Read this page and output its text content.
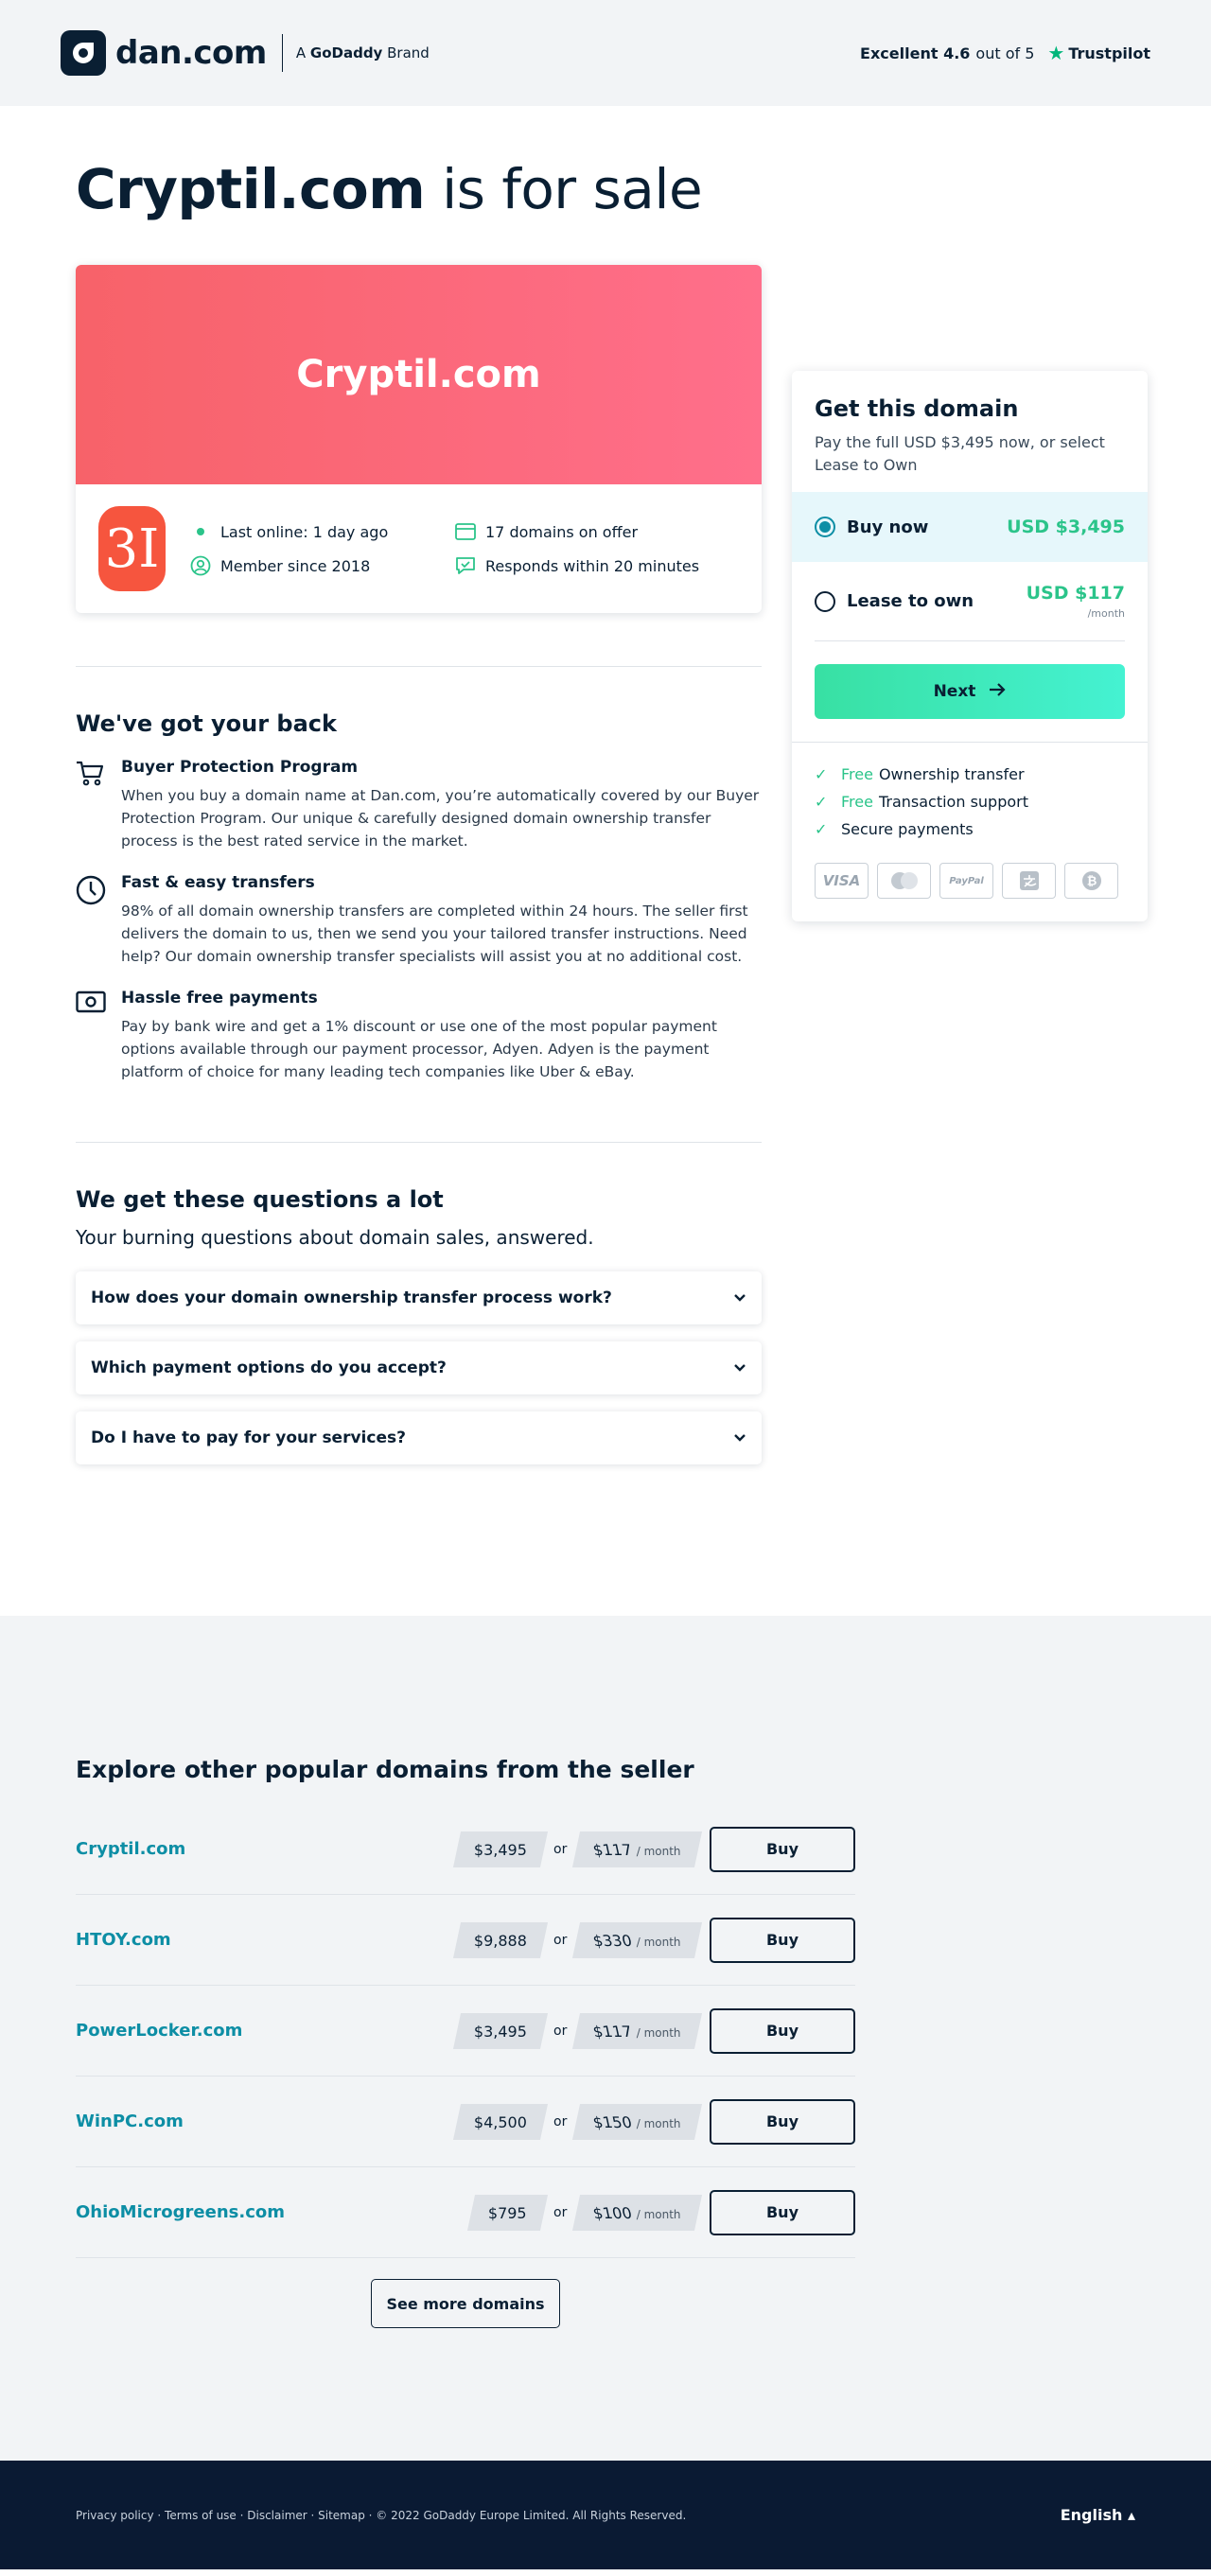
dan.com A GoDaddy Brand	Excellent 4.6 out of 5 ★ Trustpilot
Cryptil.com is for sale
Cryptil.com
3I	Last online: 1 day ago	17 domains on offer
Member since 2018	Responds within 20 minutes
We've got your back
Buyer Protection Program

When you buy a domain name at Dan.com, you’re automatically covered by our Buyer Protection Program. Our unique & carefully designed domain ownership transfer process is the best rated service in the market.

Fast & easy transfers

98% of all domain ownership transfers are completed within 24 hours. The seller first delivers the domain to us, then we send you your tailored transfer instructions. Need help? Our domain ownership transfer specialists will assist you at no additional cost.

Hassle free payments

Pay by bank wire and get a 1% discount or use one of the most popular payment options available through our payment processor, Adyen. Adyen is the payment platform of choice for many leading tech companies like Uber & eBay.

We get these questions a lot

Your burning questions about domain sales, answered.

How does your domain ownership transfer process work?
Which payment options do you accept?
Do I have to pay for your services?
Get this domain

Pay the full USD $3,495 now, or select Lease to Own

Buy now	USD $3,495
Lease to own	USD $117
/month
Next
✓ Free Ownership transfer
✓ Free Transaction support
✓ Secure payments
VISA	PayPal	₿
Explore other popular domains from the seller
Cryptil.com	$3,495 or $117 / month	Buy
HTOY.com	$9,888 or $330 / month	Buy
PowerLocker.com	$3,495 or $117 / month	Buy
WinPC.com	$4,500 or $150 / month	Buy
OhioMicrogreens.com	$795 or $100 / month	Buy
See more domains
Privacy policy · Terms of use · Disclaimer · Sitemap · © 2022 GoDaddy Europe Limited. All Rights Reserved.	English ▴
